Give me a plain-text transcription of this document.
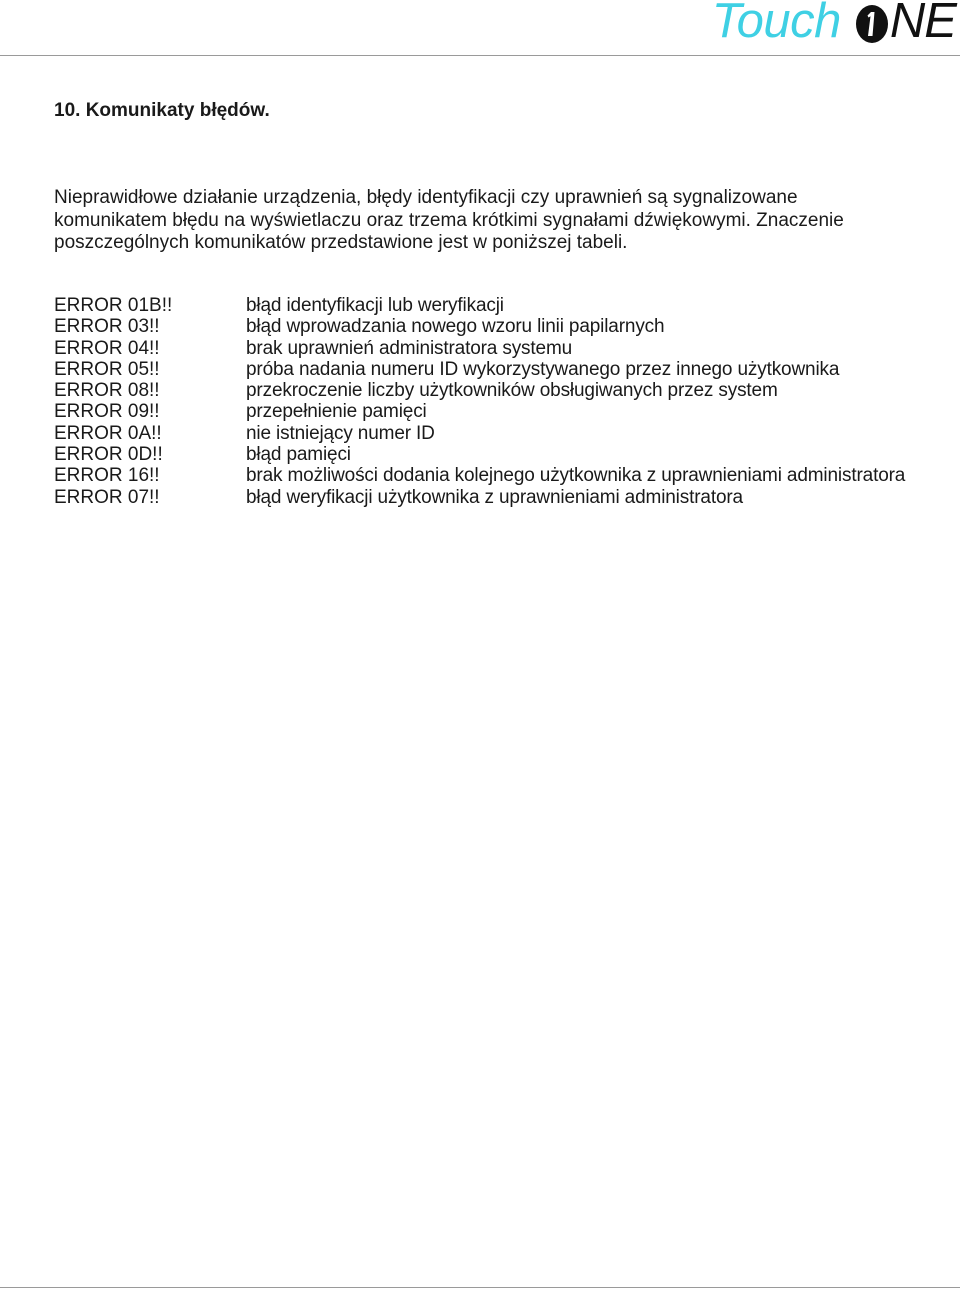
Touch NE
10. Komunikaty błędów.

Nieprawidłowe działanie urządzenia, błędy identyfikacji czy uprawnień są sygnalizowane
komunikatem błędu na wyświetlaczu oraz trzema krótkimi sygnałami dźwiękowymi. Znaczenie
poszczególnych komunikatów przedstawione jest w poniższej tabeli.

ERROR 01B!!	błąd identyfikacji lub weryfikacji
ERROR 03!!	błąd wprowadzania nowego wzoru linii papilarnych
ERROR 04!!	brak uprawnień administratora systemu
ERROR 05!!	próba nadania numeru ID wykorzystywanego przez innego użytkownika
ERROR 08!!	przekroczenie liczby użytkowników obsługiwanych przez system
ERROR 09!!	przepełnienie pamięci
ERROR 0A!!	nie istniejący numer ID
ERROR 0D!!	błąd pamięci
ERROR 16!!	brak możliwości dodania kolejnego użytkownika z uprawnieniami administratora
ERROR 07!!	błąd weryfikacji użytkownika z uprawnieniami administratora
